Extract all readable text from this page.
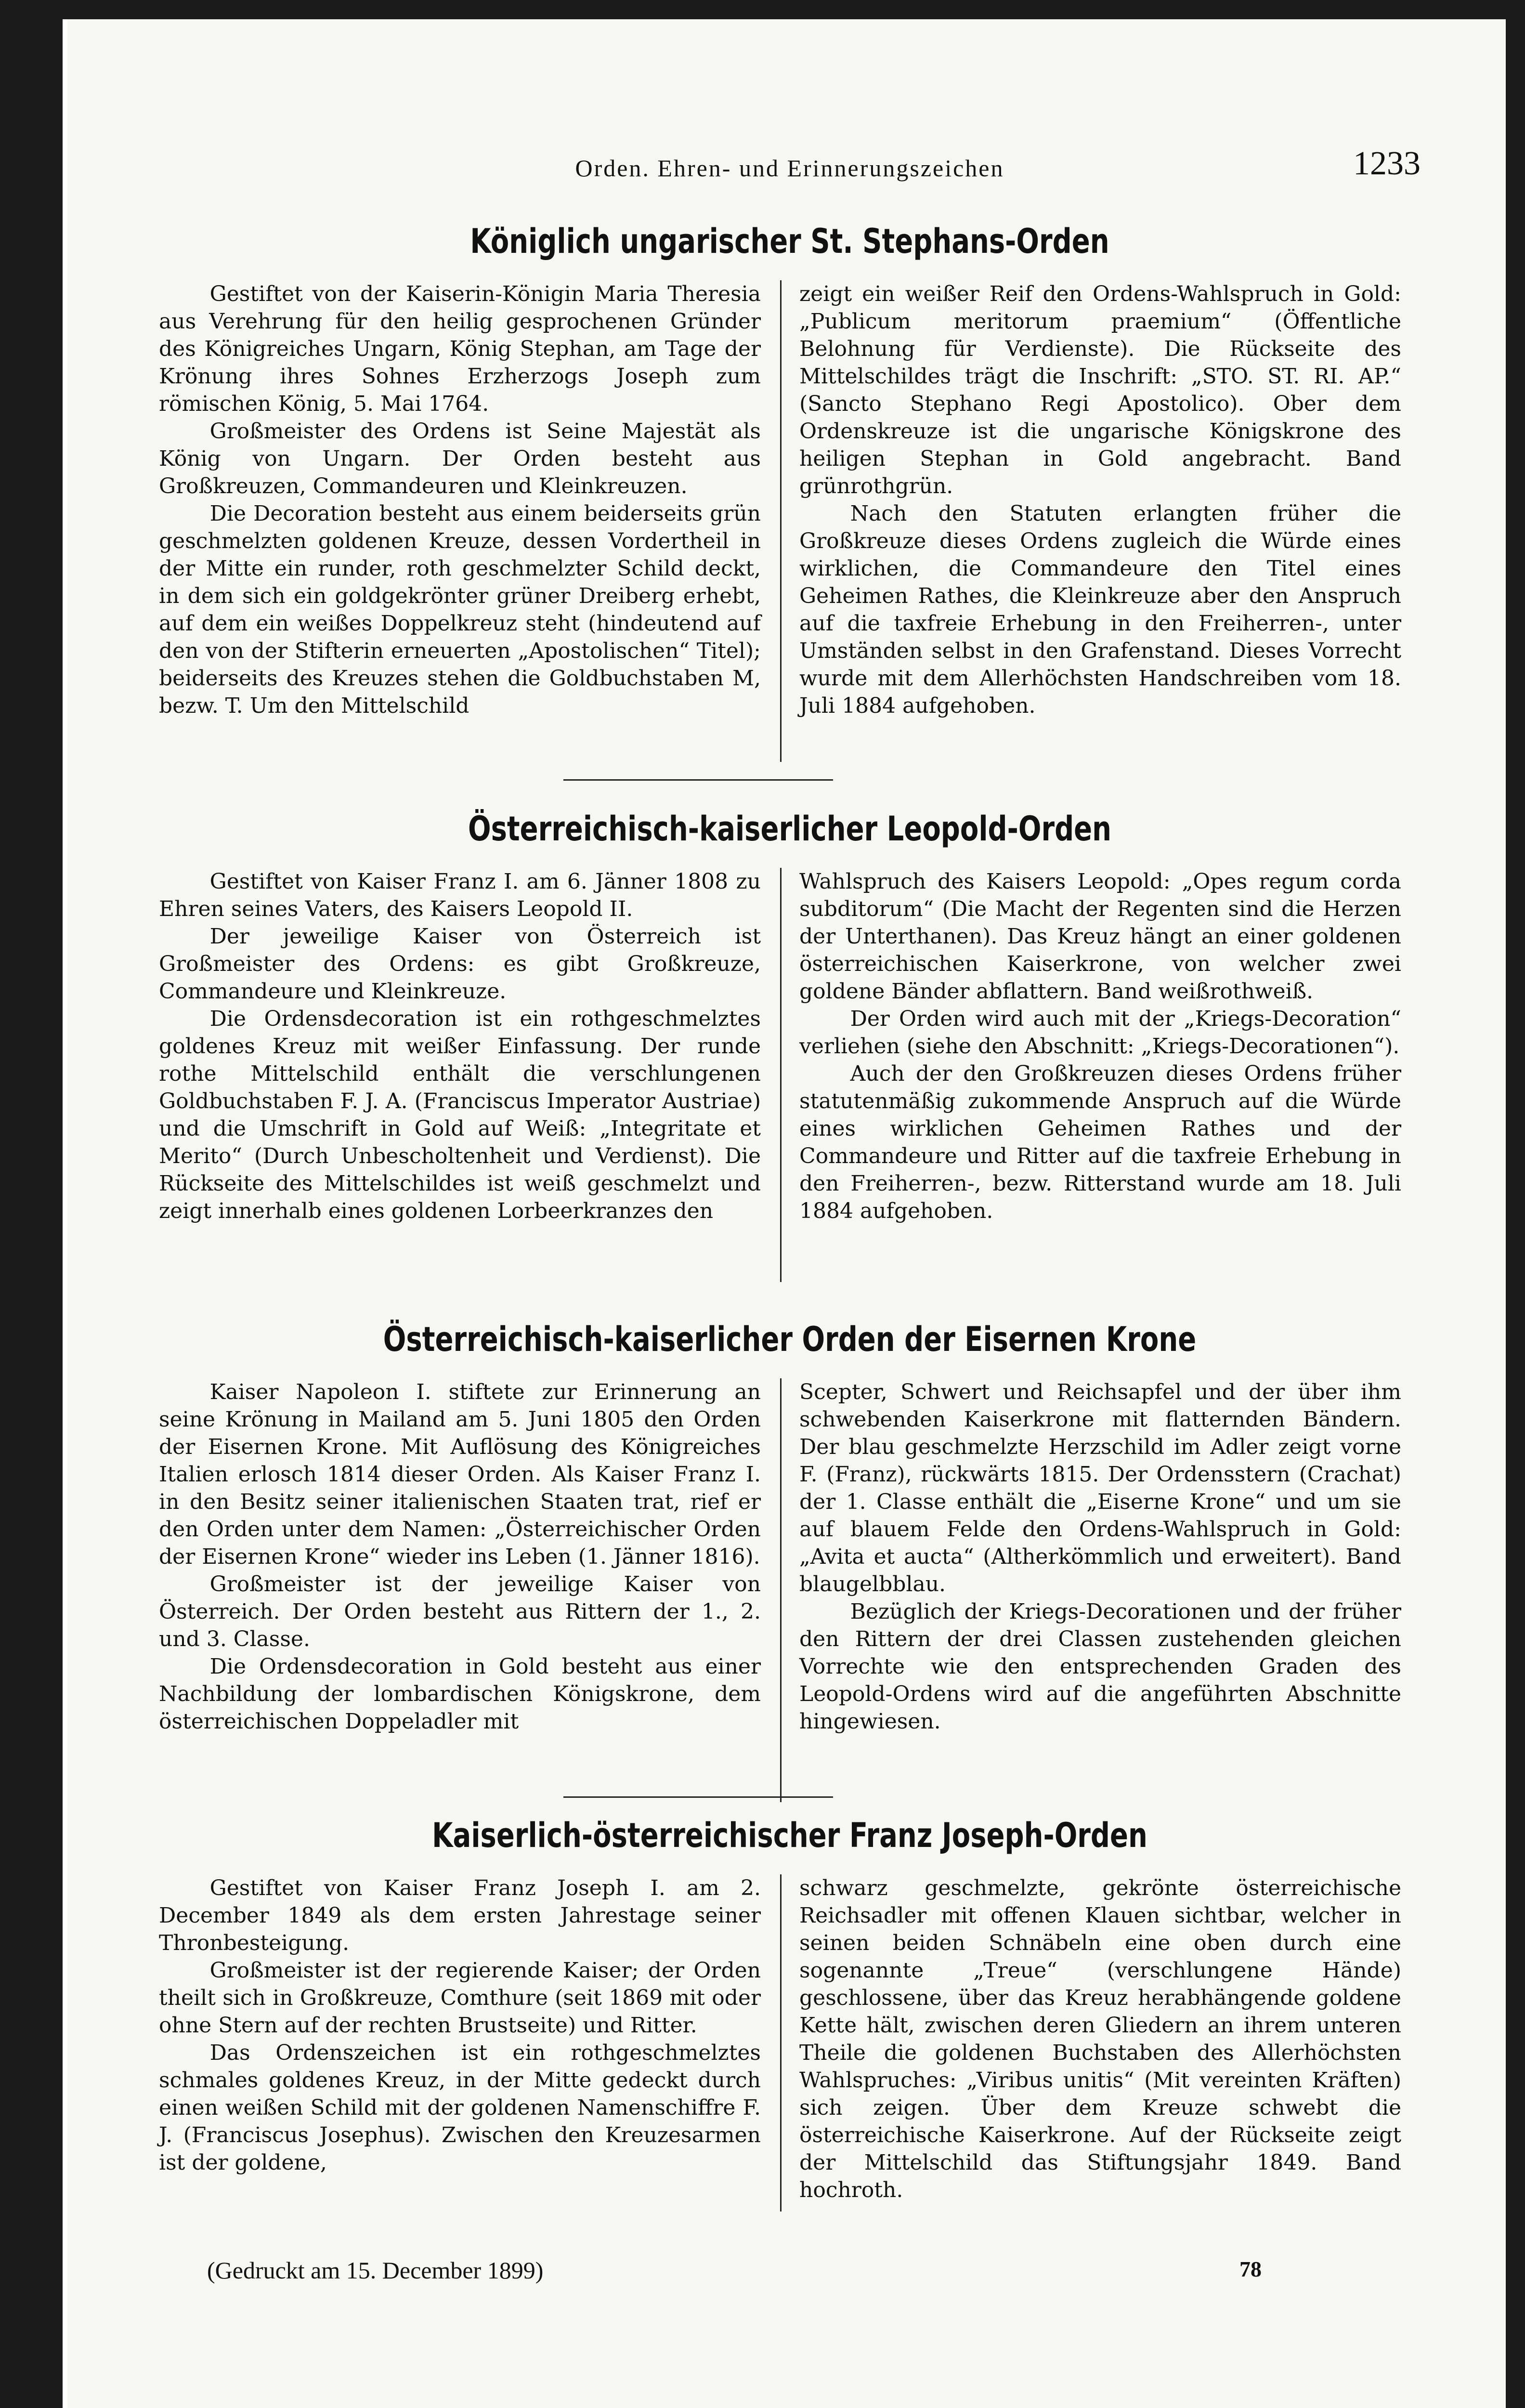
Orden. Ehren- und Erinnerungszeichen	1233
Königlich ungarischer St. Stephans-Orden

Gestiftet von der Kaiserin-Königin Maria Theresia aus Verehrung für den heilig gesprochenen Gründer des Königreiches Ungarn, König Stephan, am Tage der Krönung ihres Sohnes Erzherzogs Joseph zum römischen König, 5. Mai 1764.

Großmeister des Ordens ist Seine Majestät als König von Ungarn. Der Orden besteht aus Großkreuzen, Commandeuren und Kleinkreuzen.

Die Decoration besteht aus einem beiderseits grün geschmelzten goldenen Kreuze, dessen Vordertheil in der Mitte ein runder, roth geschmelzter Schild deckt, in dem sich ein goldgekrönter grüner Dreiberg erhebt, auf dem ein weißes Doppelkreuz steht (hindeutend auf den von der Stifterin erneuerten „Apostolischen“ Titel); beiderseits des Kreuzes stehen die Goldbuchstaben M, bezw. T. Um den Mittelschild

zeigt ein weißer Reif den Ordens-Wahlspruch in Gold: „Publicum meritorum praemium“ (Öffentliche Belohnung für Verdienste). Die Rückseite des Mittelschildes trägt die Inschrift: „STO. ST. RI. AP.“ (Sancto Stephano Regi Apostolico). Ober dem Ordenskreuze ist die ungarische Königskrone des heiligen Stephan in Gold angebracht. Band grünrothgrün.

Nach den Statuten erlangten früher die Großkreuze dieses Ordens zugleich die Würde eines wirklichen, die Commandeure den Titel eines Geheimen Rathes, die Kleinkreuze aber den Anspruch auf die taxfreie Erhebung in den Freiherren-, unter Umständen selbst in den Grafenstand. Dieses Vorrecht wurde mit dem Allerhöchsten Handschreiben vom 18. Juli 1884 aufgehoben.

Österreichisch-kaiserlicher Leopold-Orden

Gestiftet von Kaiser Franz I. am 6. Jänner 1808 zu Ehren seines Vaters, des Kaisers Leopold II.

Der jeweilige Kaiser von Österreich ist Großmeister des Ordens: es gibt Großkreuze, Commandeure und Kleinkreuze.

Die Ordensdecoration ist ein rothgeschmelztes goldenes Kreuz mit weißer Einfassung. Der runde rothe Mittelschild enthält die verschlungenen Goldbuchstaben F. J. A. (Franciscus Imperator Austriae) und die Umschrift in Gold auf Weiß: „Integritate et Merito“ (Durch Unbescholtenheit und Verdienst). Die Rückseite des Mittelschildes ist weiß geschmelzt und zeigt innerhalb eines goldenen Lorbeerkranzes den

Wahlspruch des Kaisers Leopold: „Opes regum corda subditorum“ (Die Macht der Regenten sind die Herzen der Unterthanen). Das Kreuz hängt an einer goldenen österreichischen Kaiserkrone, von welcher zwei goldene Bänder abflattern. Band weißrothweiß.

Der Orden wird auch mit der „Kriegs-Decoration“ verliehen (siehe den Abschnitt: „Kriegs-Decorationen“).

Auch der den Großkreuzen dieses Ordens früher statutenmäßig zukommende Anspruch auf die Würde eines wirklichen Geheimen Rathes und der Commandeure und Ritter auf die taxfreie Erhebung in den Freiherren-, bezw. Ritterstand wurde am 18. Juli 1884 aufgehoben.

Österreichisch-kaiserlicher Orden der Eisernen Krone

Kaiser Napoleon I. stiftete zur Erinnerung an seine Krönung in Mailand am 5. Juni 1805 den Orden der Eisernen Krone. Mit Auflösung des Königreiches Italien erlosch 1814 dieser Orden. Als Kaiser Franz I. in den Besitz seiner italienischen Staaten trat, rief er den Orden unter dem Namen: „Österreichischer Orden der Eisernen Krone“ wieder ins Leben (1. Jänner 1816).

Großmeister ist der jeweilige Kaiser von Österreich. Der Orden besteht aus Rittern der 1., 2. und 3. Classe.

Die Ordensdecoration in Gold besteht aus einer Nachbildung der lombardischen Königskrone, dem österreichischen Doppeladler mit

Scepter, Schwert und Reichsapfel und der über ihm schwebenden Kaiserkrone mit flatternden Bändern. Der blau geschmelzte Herzschild im Adler zeigt vorne F. (Franz), rückwärts 1815. Der Ordensstern (Crachat) der 1. Classe enthält die „Eiserne Krone“ und um sie auf blauem Felde den Ordens-Wahlspruch in Gold: „Avita et aucta“ (Altherkömmlich und erweitert). Band blaugelbblau.

Bezüglich der Kriegs-Decorationen und der früher den Rittern der drei Classen zustehenden gleichen Vorrechte wie den entsprechenden Graden des Leopold-Ordens wird auf die angeführten Abschnitte hingewiesen.

Kaiserlich-österreichischer Franz Joseph-Orden

Gestiftet von Kaiser Franz Joseph I. am 2. December 1849 als dem ersten Jahrestage seiner Thronbesteigung.

Großmeister ist der regierende Kaiser; der Orden theilt sich in Großkreuze, Comthure (seit 1869 mit oder ohne Stern auf der rechten Brustseite) und Ritter.

Das Ordenszeichen ist ein rothgeschmelztes schmales goldenes Kreuz, in der Mitte gedeckt durch einen weißen Schild mit der goldenen Namenschiffre F. J. (Franciscus Josephus). Zwischen den Kreuzesarmen ist der goldene,

schwarz geschmelzte, gekrönte österreichische Reichsadler mit offenen Klauen sichtbar, welcher in seinen beiden Schnäbeln eine oben durch eine sogenannte „Treue“ (verschlungene Hände) geschlossene, über das Kreuz herabhängende goldene Kette hält, zwischen deren Gliedern an ihrem unteren Theile die goldenen Buchstaben des Allerhöchsten Wahlspruches: „Viribus unitis“ (Mit vereinten Kräften) sich zeigen. Über dem Kreuze schwebt die österreichische Kaiserkrone. Auf der Rückseite zeigt der Mittelschild das Stiftungsjahr 1849. Band hochroth.

(Gedruckt am 15. December 1899)	78
